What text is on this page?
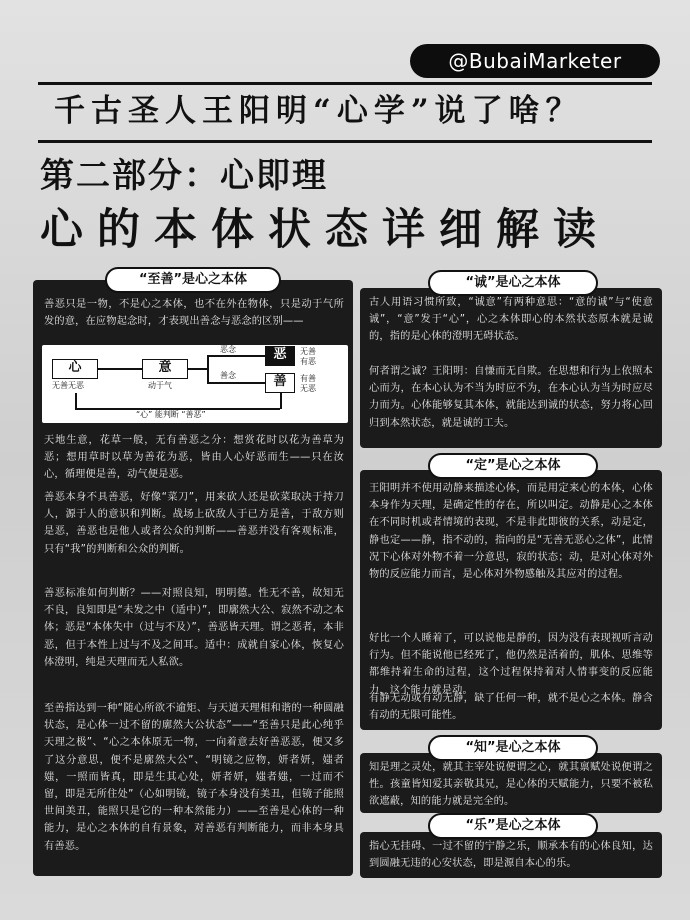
@BubaiMarketer
千古圣人王阳明“心学”说了啥？
第二部分：心即理
心的本体状态详细解读
“至善”是心之本体
善恶只是一物，不是心之本体，也不在外在物体，只是动于气所发的意，在应物起念时，才表现出善念与恶念的区别——
心
无善无恶
意
动于气
恶念
善念
恶
善
无善
有恶
有善
无恶
“心” 能判断 “善恶”
天地生意，花草一般，无有善恶之分：想赏花时以花为善草为恶；想用草时以草为善花为恶，皆由人心好恶而生——只在汝心，循理便是善，动气便是恶。
善恶本身不具善恶，好像“菜刀”，用来砍人还是砍菜取决于持刀人，源于人的意识和判断。战场上砍敌人于已方是善，于敌方则是恶，善恶也是他人或者公众的判断——善恶并没有客观标准，只有“我”的判断和公众的判断。
善恶标准如何判断？——对照良知，明明德。性无不善，故知无不良，良知即是“未发之中（适中）”，即廓然大公、寂然不动之本体；恶是“本体失中（过与不及）”，善恶皆天理。谓之恶者，本非恶，但于本性上过与不及之间耳。适中：成就自家心体，恢复心体澄明，纯是天理而无人私欲。
至善指达到一种“随心所欲不逾矩、与天道天理相和谐的一种圆融状态，是心体一过不留的廓然大公状态”——“至善只是此心纯乎天理之极”、“心之本体原无一物，一向着意去好善恶恶，便又多了这分意思，便不是廓然大公”、“明镜之应物，妍者妍，媸者媸，一照而皆真，即是生其心处，妍者妍，媸者媸，一过而不留，即是无所住处”（心如明镜，镜子本身没有美丑，但镜子能照世间美丑，能照只是它的一种本然能力）——至善是心体的一种能力，是心之本体的自有景象，对善恶有判断能力，而非本身具有善恶。
“诚”是心之本体
古人用语习惯所致，“诚意”有两种意思：“意的诚”与“使意诚”，“意”发于“心”，心之本体即心的本然状态原本就是诚的，指的是心体的澄明无碍状态。
何者谓之诚？王阳明：自慊而无自欺。在思想和行为上依照本心而为，在本心认为不当为时应不为，在本心认为当为时应尽力而为。心体能够复其本体，就能达到诚的状态，努力将心回归到本然状态，就是诚的工夫。
“定”是心之本体
王阳明并不使用动静来描述心体，而是用定来心的本体，心体本身作为天理，是确定性的存在，所以叫定。动静是心之本体在不同时机或者情境的表现，不是非此即彼的关系，动是定，静也定——静，指不动的，指向的是“无善无恶心之体”，此情况下心体对外物不着一分意思，寂的状态；动，是对心体对外物的反应能力而言，是心体对外物感触及其应对的过程。
好比一个人睡着了，可以说他是静的，因为没有表现视听言动行为。但不能说他已经死了，他仍然是活着的，肌体、思维等都维持着生命的过程，这个过程保持着对人情事变的反应能力，这个能力就是动。
有静无动或有动无静，缺了任何一种，就不是心之本体。静含有动的无限可能性。
“知”是心之本体
知是理之灵处，就其主宰处说便谓之心，就其禀赋处说便谓之性。孩童皆知爱其亲敬其兄，是心体的天赋能力，只要不被私欲遮蔽，知的能力就是完全的。
“乐”是心之本体
指心无挂碍、一过不留的宁静之乐，顺承本有的心体良知，达到圆融无违的心安状态，即是源自本心的乐。
